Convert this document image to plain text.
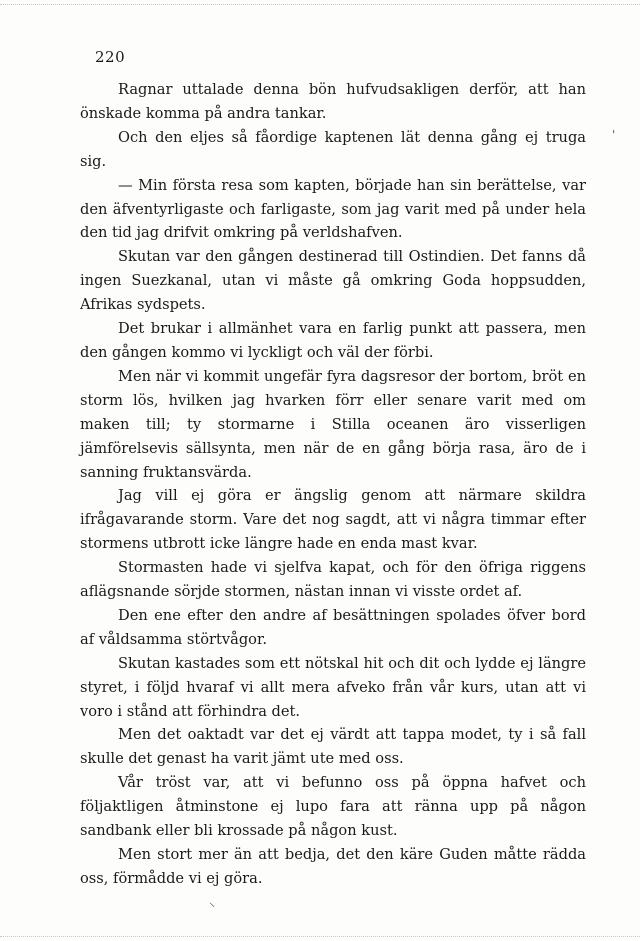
220

Ragnar uttalade denna bön hufvudsakligen derför, att han önskade komma på andra tankar.

Och den eljes så fåordige kaptenen lät denna gång ej truga sig.

— Min första resa som kapten, började han sin berättelse, var den äfventyrligaste och farligaste, som jag varit med på under hela den tid jag drifvit omkring på verldshafven.

Skutan var den gången destinerad till Ostindien. Det fanns då ingen Suezkanal, utan vi måste gå omkring Goda hoppsudden, Afrikas sydspets.

Det brukar i allmänhet vara en farlig punkt att passera, men den gången kommo vi lyckligt och väl der förbi.

Men när vi kommit ungefär fyra dagsresor der bortom, bröt en storm lös, hvilken jag hvarken förr eller senare varit med om maken till; ty stormarne i Stilla oceanen äro visserligen jämförelsevis sällsynta, men när de en gång börja rasa, äro de i sanning fruktansvärda.

Jag vill ej göra er ängslig genom att närmare skildra ifrågavarande storm. Vare det nog sagdt, att vi några timmar efter stormens utbrott icke längre hade en enda mast kvar.

Stormasten hade vi sjelfva kapat, och för den öfriga riggens aflägsnande sörjde stormen, nästan innan vi visste ordet af.

Den ene efter den andre af besättningen spolades öfver bord af våldsamma störtvågor.

Skutan kastades som ett nötskal hit och dit och lydde ej längre styret, i följd hvaraf vi allt mera afveko från vår kurs, utan att vi voro i stånd att förhindra det.

Men det oaktadt var det ej värdt att tappa modet, ty i så fall skulle det genast ha varit jämt ute med oss.

Vår tröst var, att vi befunno oss på öppna hafvet och följaktligen åtminstone ej lupo fara att ränna upp på någon sandbank eller bli krossade på någon kust.

Men stort mer än att bedja, det den käre Guden måtte rädda oss, förmådde vi ej göra.

'
⸜
